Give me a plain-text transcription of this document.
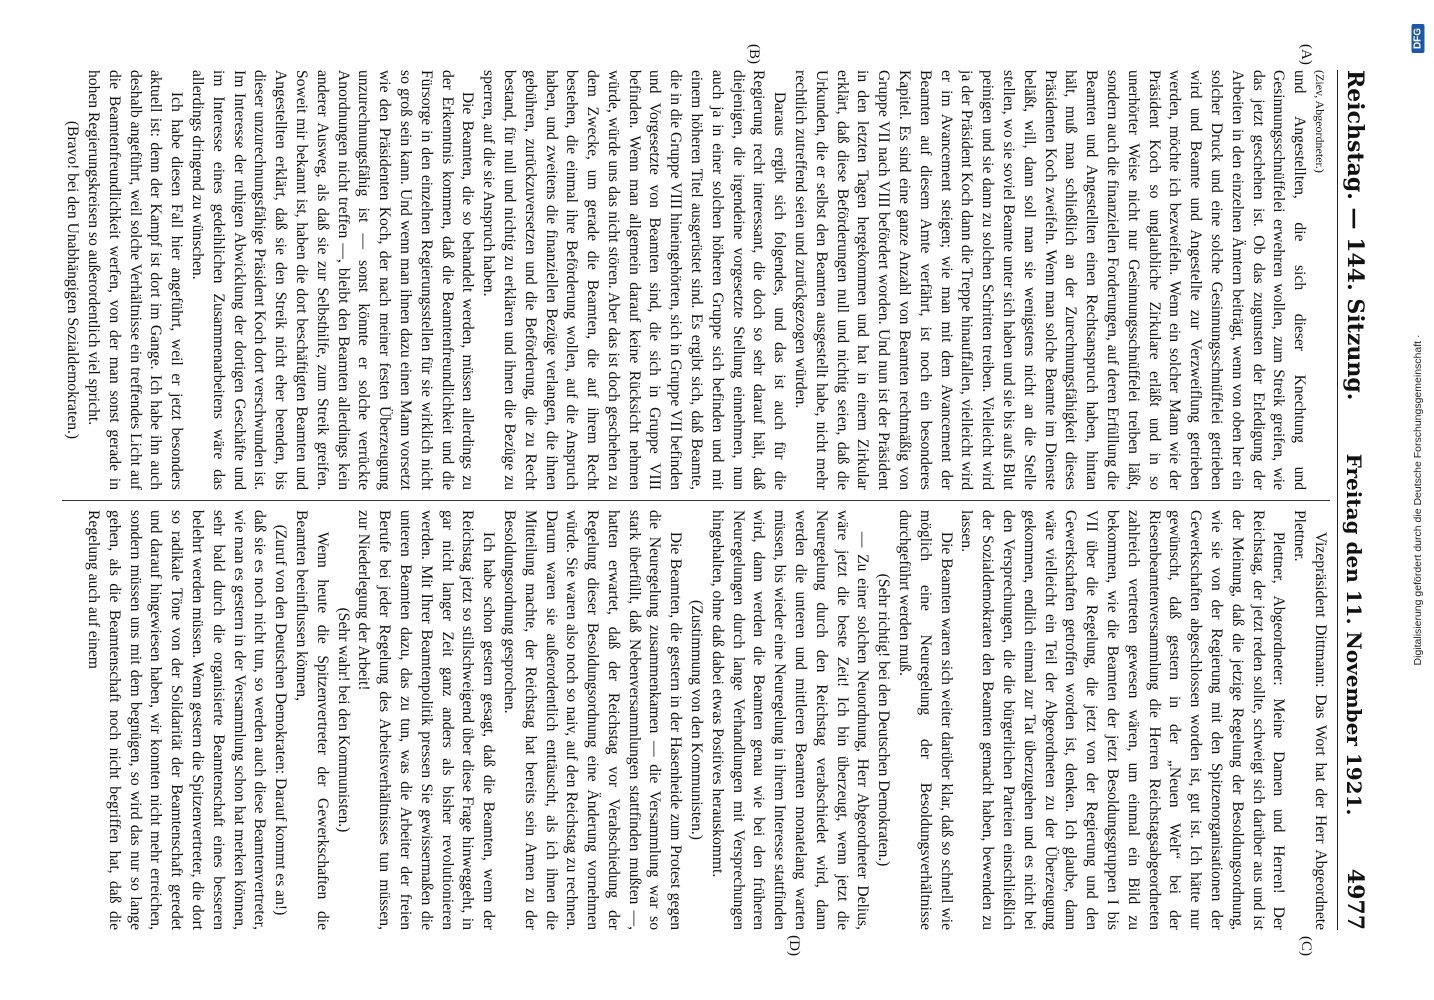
Reichstag. — 144. Sitzung.
Freitag den 11. November 1921.
4977
(A)
(B)
(C)
(D)

(Ziev, Abgeordneter.)

und Angestellten, die sich dieser Knechtung und Gesinnungsschnüffelei erwehren wollen, zum Streik greifen, wie das jetzt geschehen ist. Ob das zugunsten der Erledigung der Arbeiten in den einzelnen Ämtern beiträgt, wenn von oben her ein solcher Druck und eine solche Gesinnungsschnüffelei getrieben wird und Beamte und Angestellte zur Verzweiflung getrieben werden, möchte ich bezweifeln. Wenn ein solcher Mann wie der Präsident Koch so unglaubliche Zirkulare erläßt und in so unerhörter Weise nicht nur Gesinnungsschnüffelei treiben läßt, sondern auch die finanziellen Forderungen, auf deren Erfüllung die Beamten und Angestellten einen Rechtsanspruch haben, hintan hält, muß man schließlich an der Zurechnungsfähigkeit dieses Präsidenten Koch zweifeln. Wenn man solche Beamte im Dienste beläßt, will, dann soll man sie wenigstens nicht an die Stelle stellen, wo sie soviel Beamte unter sich haben und sie bis aufs Blut peinigen und sie dann zu solchen Schritten treiben. Vielleicht wird ja der Präsident Koch dann die Treppe hinauffallen, vielleicht wird er im Avancement steigen; wie man mit dem Avancement der Beamten auf diesem Amte verfährt, ist noch ein besonderes Kapitel. Es sind eine ganze Anzahl von Beamten rechtmäßig von Gruppe VII nach VIII befördert worden. Und nun ist der Präsident in den letzten Tagen hergekommen und hat in einem Zirkular erklärt, daß diese Beförderungen null und nichtig seien, daß die Urkunden, die er selbst den Beamten ausgestellt habe, nicht mehr rechtlich zutreffend seien und zurückgezogen würden.

Daraus ergibt sich folgendes, und das ist auch für die Regierung recht interessant, die doch so sehr darauf hält, daß diejenigen, die irgendeine vorgesetzte Stellung einnehmen, nun auch ja in einer solchen höheren Gruppe sich befinden und mit einem höheren Titel ausgerüstet sind. Es ergibt sich, daß Beamte, die in die Gruppe VIII hineingehörten, sich in Gruppe VII befinden und Vorgesetzte von Beamten sind, die sich in Gruppe VIII befinden. Wenn man allgemein darauf keine Rücksicht nehmen würde, würde uns das nicht stören. Aber das ist doch geschehen zu dem Zwecke, um gerade die Beamten, die auf ihrem Recht bestehen, die einmal ihre Beförderung wollen, auf die Anspruch haben, und zweitens die finanziellen Bezüge verlangen, die ihnen gebühren, zurückzuversetzen und die Beförderung, die zu Recht bestand, für null und nichtig zu erklären und ihnen die Bezüge zu sperren, auf die sie Anspruch haben.

Die Beamten, die so behandelt werden, müssen allerdings zu der Erkenntnis kommen, daß die Beamtenfreundlichkeit und die Fürsorge in den einzelnen Regierungsstellen für sie wirklich nicht so groß sein kann. Und wenn man ihnen dazu einen Mann vorsetzt wie den Präsidenten Koch, der nach meiner festen Überzeugung unzurechnungsfähig ist — sonst könnte er solche verrückte Anordnungen nicht treffen —, bleibt den Beamten allerdings kein anderer Ausweg, als daß sie zur Selbsthilfe, zum Streik greifen. Soweit mir bekannt ist, haben die dort beschäftigten Beamten und Angestellten erklärt, daß sie den Streik nicht eher beenden, bis dieser unzurechnungsfähige Präsident Koch dort verschwunden ist. Im Interesse der ruhigen Abwicklung der dortigen Geschäfte und im Interesse eines gedeihlichen Zusammenarbeitens wäre das allerdings dringend zu wünschen.

Ich habe diesen Fall hier angeführt, weil er jetzt besonders aktuell ist: denn der Kampf ist dort im Gange. Ich habe ihn auch deshalb angeführt, weil solche Verhältnisse ein treffendes Licht auf die Beamtenfreundlichkeit werfen, von der man sonst gerade in hohen Regierungskreisen so außerordentlich viel spricht.

(Bravo! bei den Unabhängigen Sozialdemokraten.)

Vizepräsident Dittmann: Das Wort hat der Herr Abgeordnete Plettner.

Plettner, Abgeordneter: Meine Damen und Herren! Der Reichstag, der jetzt reden sollte, schweigt sich darüber aus und ist der Meinung, daß die jetzige Regelung der Besoldungsordnung, wie sie von der Regierung mit den Spitzenorganisationen der Gewerkschaften abgeschlossen worden ist, gut ist. Ich hätte nur gewünscht, daß gestern in der „Neuen Welt“ bei der Riesenbeamtenversammlung die Herren Reichstagsabgeordneten zahlreich vertreten gewesen wären, um einmal ein Bild zu bekommen, wie die Beamten der jetzt Besoldungsgruppen I bis VII über die Regelung, die jetzt von der Regierung und den Gewerkschaften getroffen worden ist, denken. Ich glaube, dann wäre vielleicht ein Teil der Abgeordneten zu der Überzeugung gekommen, endlich einmal zur Tat überzugehen und es nicht bei den Versprechungen, die die bürgerlichen Parteien einschließlich der Sozialdemokraten den Beamten gemacht haben, bewenden zu lassen.

Die Beamten waren sich weiter darüber klar, daß so schnell wie möglich eine Neuregelung der Besoldungsverhältnisse durchgeführt werden muß.

(Sehr richtig! bei den Deutschen Demokraten.)

— Zu einer solchen Neuordnung, Herr Abgeordneter Delius, wäre jetzt die beste Zeit! Ich bin überzeugt, wenn jetzt die Neuregelung durch den Reichstag verabschiedet wird, dann werden die unteren und mittleren Beamten monatelang warten müssen, bis wieder eine Neuregelung in ihrem Interesse stattfinden wird, dann werden die Beamten genau wie bei den früheren Neuregelungen durch lange Verhandlungen mit Versprechungen hingehalten, ohne daß dabei etwas Positives herauskommt.

(Zustimmung von den Kommunisten.)

Die Beamten, die gestern in der Hasenheide zum Protest gegen die Neuregelung zusammenkamen — die Versammlung war so stark überfüllt, daß Nebenversammlungen stattfinden mußten —, hatten erwartet, daß der Reichstag vor Verabschiedung der Regelung dieser Besoldungsordnung eine Änderung vornehmen würde. Sie waren also noch so naiv, auf den Reichstag zu rechnen. Darum waren sie außerordentlich enttäuscht, als ich ihnen die Mitteilung machte, der Reichstag hat bereits sein Amen zu der Besoldungsordnung gesprochen.

Ich habe schon gestern gesagt, daß die Beamten, wenn der Reichstag jetzt so stillschweigend über diese Frage hinweggeht, in gar nicht langer Zeit ganz anders als bisher revolutionieren werden. Mit Ihrer Beamtenpolitik pressen Sie gewissermaßen die unteren Beamten dazu, das zu tun, was die Arbeiter der freien Berufe bei jeder Regelung des Arbeitsverhältnisses tun müssen, zur Niederlegung der Arbeit!

(Sehr wahr! bei den Kommunisten.)

Wenn heute die Spitzenvertreter der Gewerkschaften die Beamten beeinflussen können,

(Zuruf von den Deutschen Demokraten: Darauf kommt es an!)

daß sie es noch nicht tun, so werden auch diese Beamtenvertreter, wie man es gestern in der Versammlung schon hat merken können, sehr bald durch die organisierte Beamtenschaft eines besseren belehrt werden müssen. Wenn gestern die Spitzenvertreter, die dort so radikale Töne von der Solidarität der Beamtenschaft geredet und darauf hingewiesen haben, wir konnten nicht mehr erreichen, sondern müssen uns mit dem begnügen, so wird das nur so lange gehen, als die Beamtenschaft noch nicht begriffen hat, daß die Regelung auch auf einem

DFG
Digitalisierung gefördert durch die Deutsche Forschungsgemeinschaft ·
